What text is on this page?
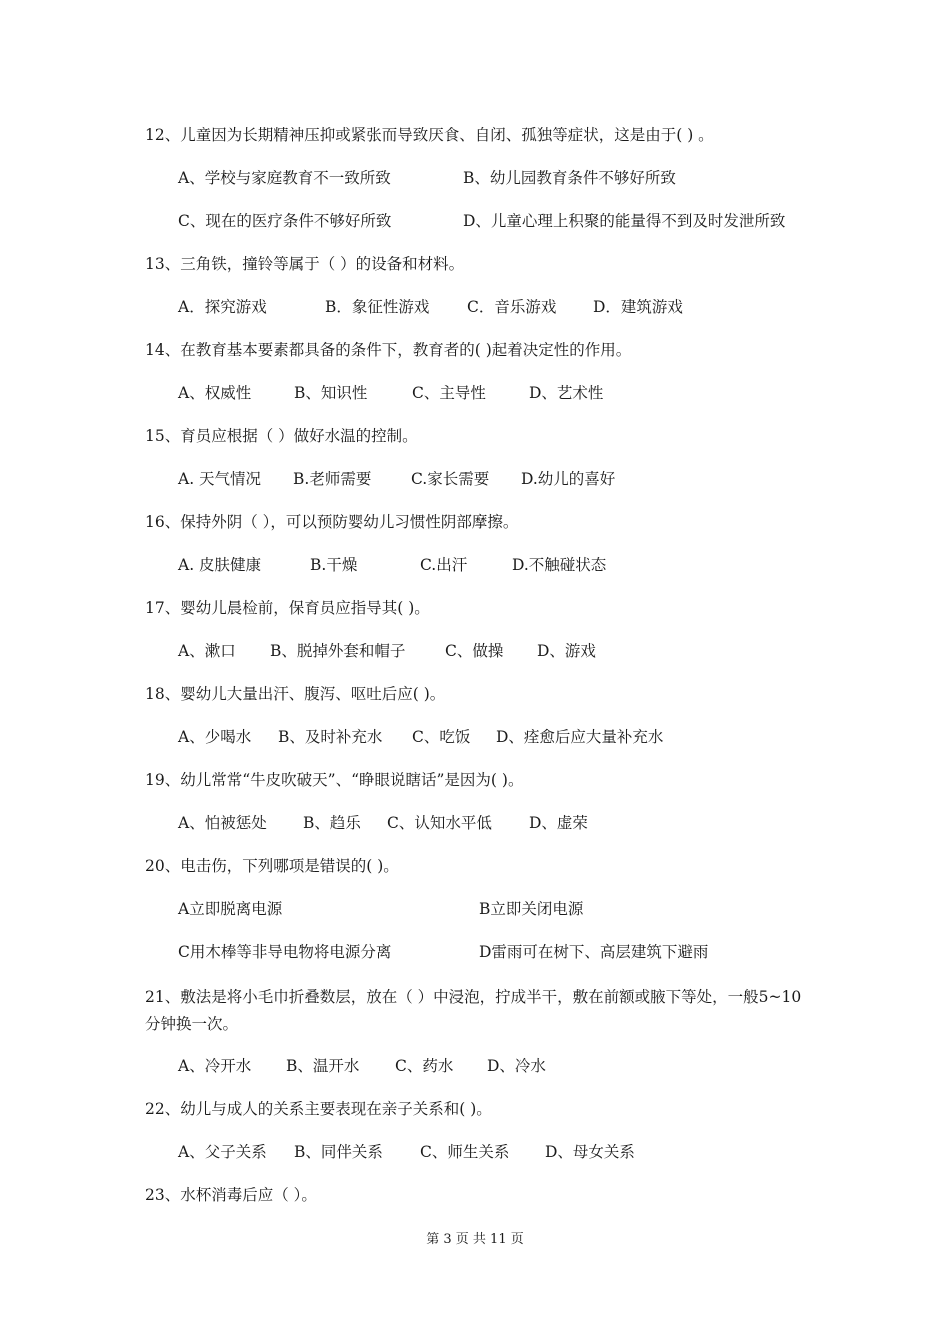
12、儿童因为长期精神压抑或紧张而导致厌食、自闭、孤独等症状，这是由于( ) 。
A、学校与家庭教育不一致所致	B、幼儿园教育条件不够好所致
C、现在的医疗条件不够好所致	D、儿童心理上积聚的能量得不到及时发泄所致
13、三角铁，撞铃等属于（ ）的设备和材料。
A．探究游戏	B．象征性游戏 C．音乐游戏 D．建筑游戏
14、在教育基本要素都具备的条件下，教育者的( )起着决定性的作用。
A、权威性	B、知识性	C、主导性	D、艺术性
15、育员应根据（ ）做好水温的控制。
A. 天气情况 B.老师需要	C.家长需要 D.幼儿的喜好
16、保持外阴（ ），可以预防婴幼儿习惯性阴部摩擦。
A. 皮肤健康	B.干燥	C.出汗	D.不触碰状态
17、婴幼儿晨检前，保育员应指导其( )。
A、漱口 B、脱掉外套和帽子	C、做操 D、游戏
18、婴幼儿大量出汗、腹泻、呕吐后应( )。
A、少喝水 B、及时补充水 C、吃饭 D、痊愈后应大量补充水
19、幼儿常常“牛皮吹破天”、“睁眼说瞎话”是因为( )。
A、怕被惩处 B、趋乐 C、认知水平低 D、虚荣
20、电击伤，下列哪项是错误的( )。
A立即脱离电源	B立即关闭电源
C用木棒等非导电物将电源分离	D雷雨可在树下、高层建筑下避雨
21、敷法是将小毛巾折叠数层，放在（ ）中浸泡，拧成半干，敷在前额或腋下等处，一般5~10分钟换一次。
A、冷开水 B、温开水 C、药水 D、冷水
22、幼儿与成人的关系主要表现在亲子关系和( )。
A、父子关系 B、同伴关系 C、师生关系 D、母女关系
23、水杯消毒后应（ ）。
第 3 页 共 11 页
